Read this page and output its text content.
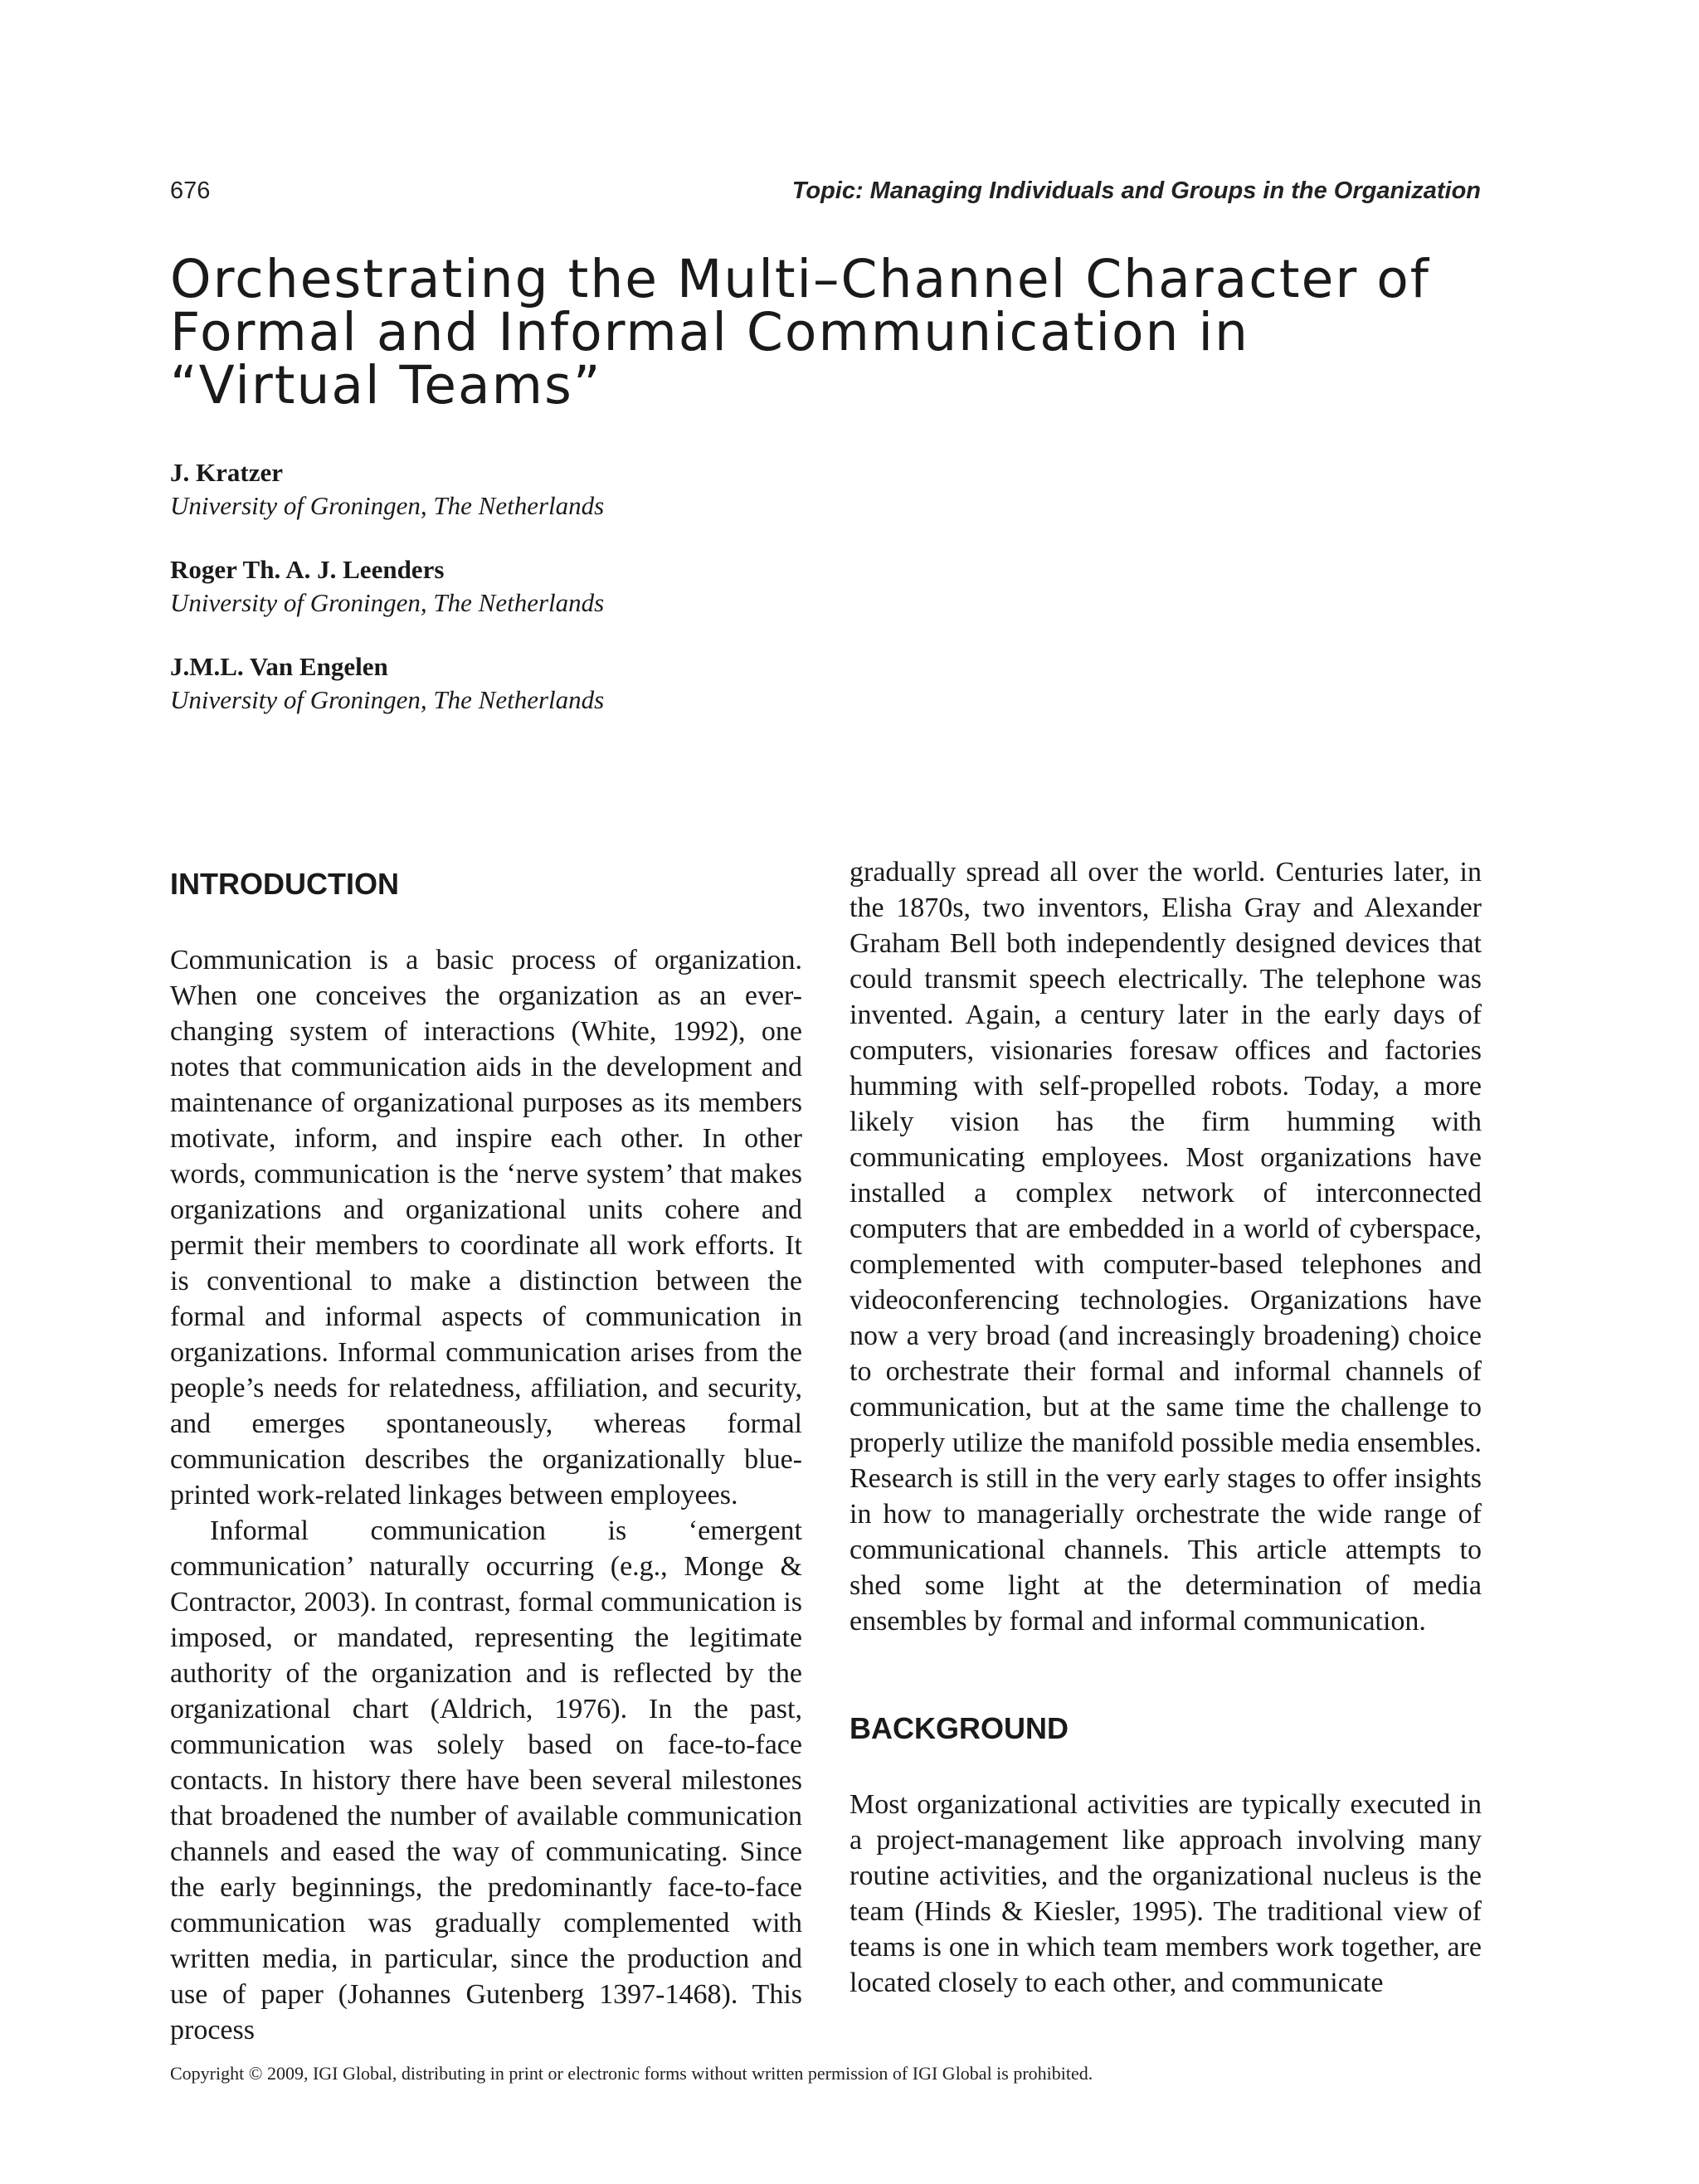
676	Topic: Managing Individuals and Groups in the Organization
Orchestrating the Multi–Channel Character of
Formal and Informal Communication in
“Virtual Teams”
J. Kratzer
University of Groningen, The Netherlands
Roger Th. A. J. Leenders
University of Groningen, The Netherlands
J.M.L. Van Engelen
University of Groningen, The Netherlands
INTRODUCTION

Communication is a basic process of organization. When one conceives the organization as an ever-changing system of interactions (White, 1992), one notes that communication aids in the development and maintenance of organizational purposes as its members motivate, inform, and inspire each other. In other words, communication is the ‘nerve system’ that makes organizations and organizational units cohere and permit their members to coordinate all work efforts. It is conventional to make a distinction between the formal and informal aspects of communication in organizations. Informal communication arises from the people’s needs for relatedness, affiliation, and security, and emerges spontaneously, whereas formal communication describes the organizationally blue-printed work-related linkages between employees.

Informal communication is ‘emergent communication’ naturally occurring (e.g., Monge & Contractor, 2003). In contrast, formal communication is imposed, or mandated, representing the legitimate authority of the organization and is reflected by the organizational chart (Aldrich, 1976). In the past, communication was solely based on face-to-face contacts. In history there have been several milestones that broadened the number of available communication channels and eased the way of communicating. Since the early beginnings, the predominantly face-to-face communication was gradually complemented with written media, in particular, since the production and use of paper (Johannes Gutenberg 1397-1468). This process

gradually spread all over the world. Centuries later, in the 1870s, two inventors, Elisha Gray and Alexander Graham Bell both independently designed devices that could transmit speech electrically. The telephone was invented. Again, a century later in the early days of computers, visionaries foresaw offices and factories humming with self-propelled robots. Today, a more likely vision has the firm humming with communicating employees. Most organizations have installed a complex network of interconnected computers that are embedded in a world of cyberspace, complemented with computer-based telephones and videoconferencing technologies. Organizations have now a very broad (and increasingly broadening) choice to orchestrate their formal and informal channels of communication, but at the same time the challenge to properly utilize the manifold possible media ensembles. Research is still in the very early stages to offer insights in how to managerially orchestrate the wide range of communicational channels. This article attempts to shed some light at the determination of media ensembles by formal and informal communication.

BACKGROUND

Most organizational activities are typically executed in a project-management like approach involving many routine activities, and the organizational nucleus is the team (Hinds & Kiesler, 1995). The traditional view of teams is one in which team members work together, are located closely to each other, and communicate

Copyright © 2009, IGI Global, distributing in print or electronic forms without written permission of IGI Global is prohibited.
